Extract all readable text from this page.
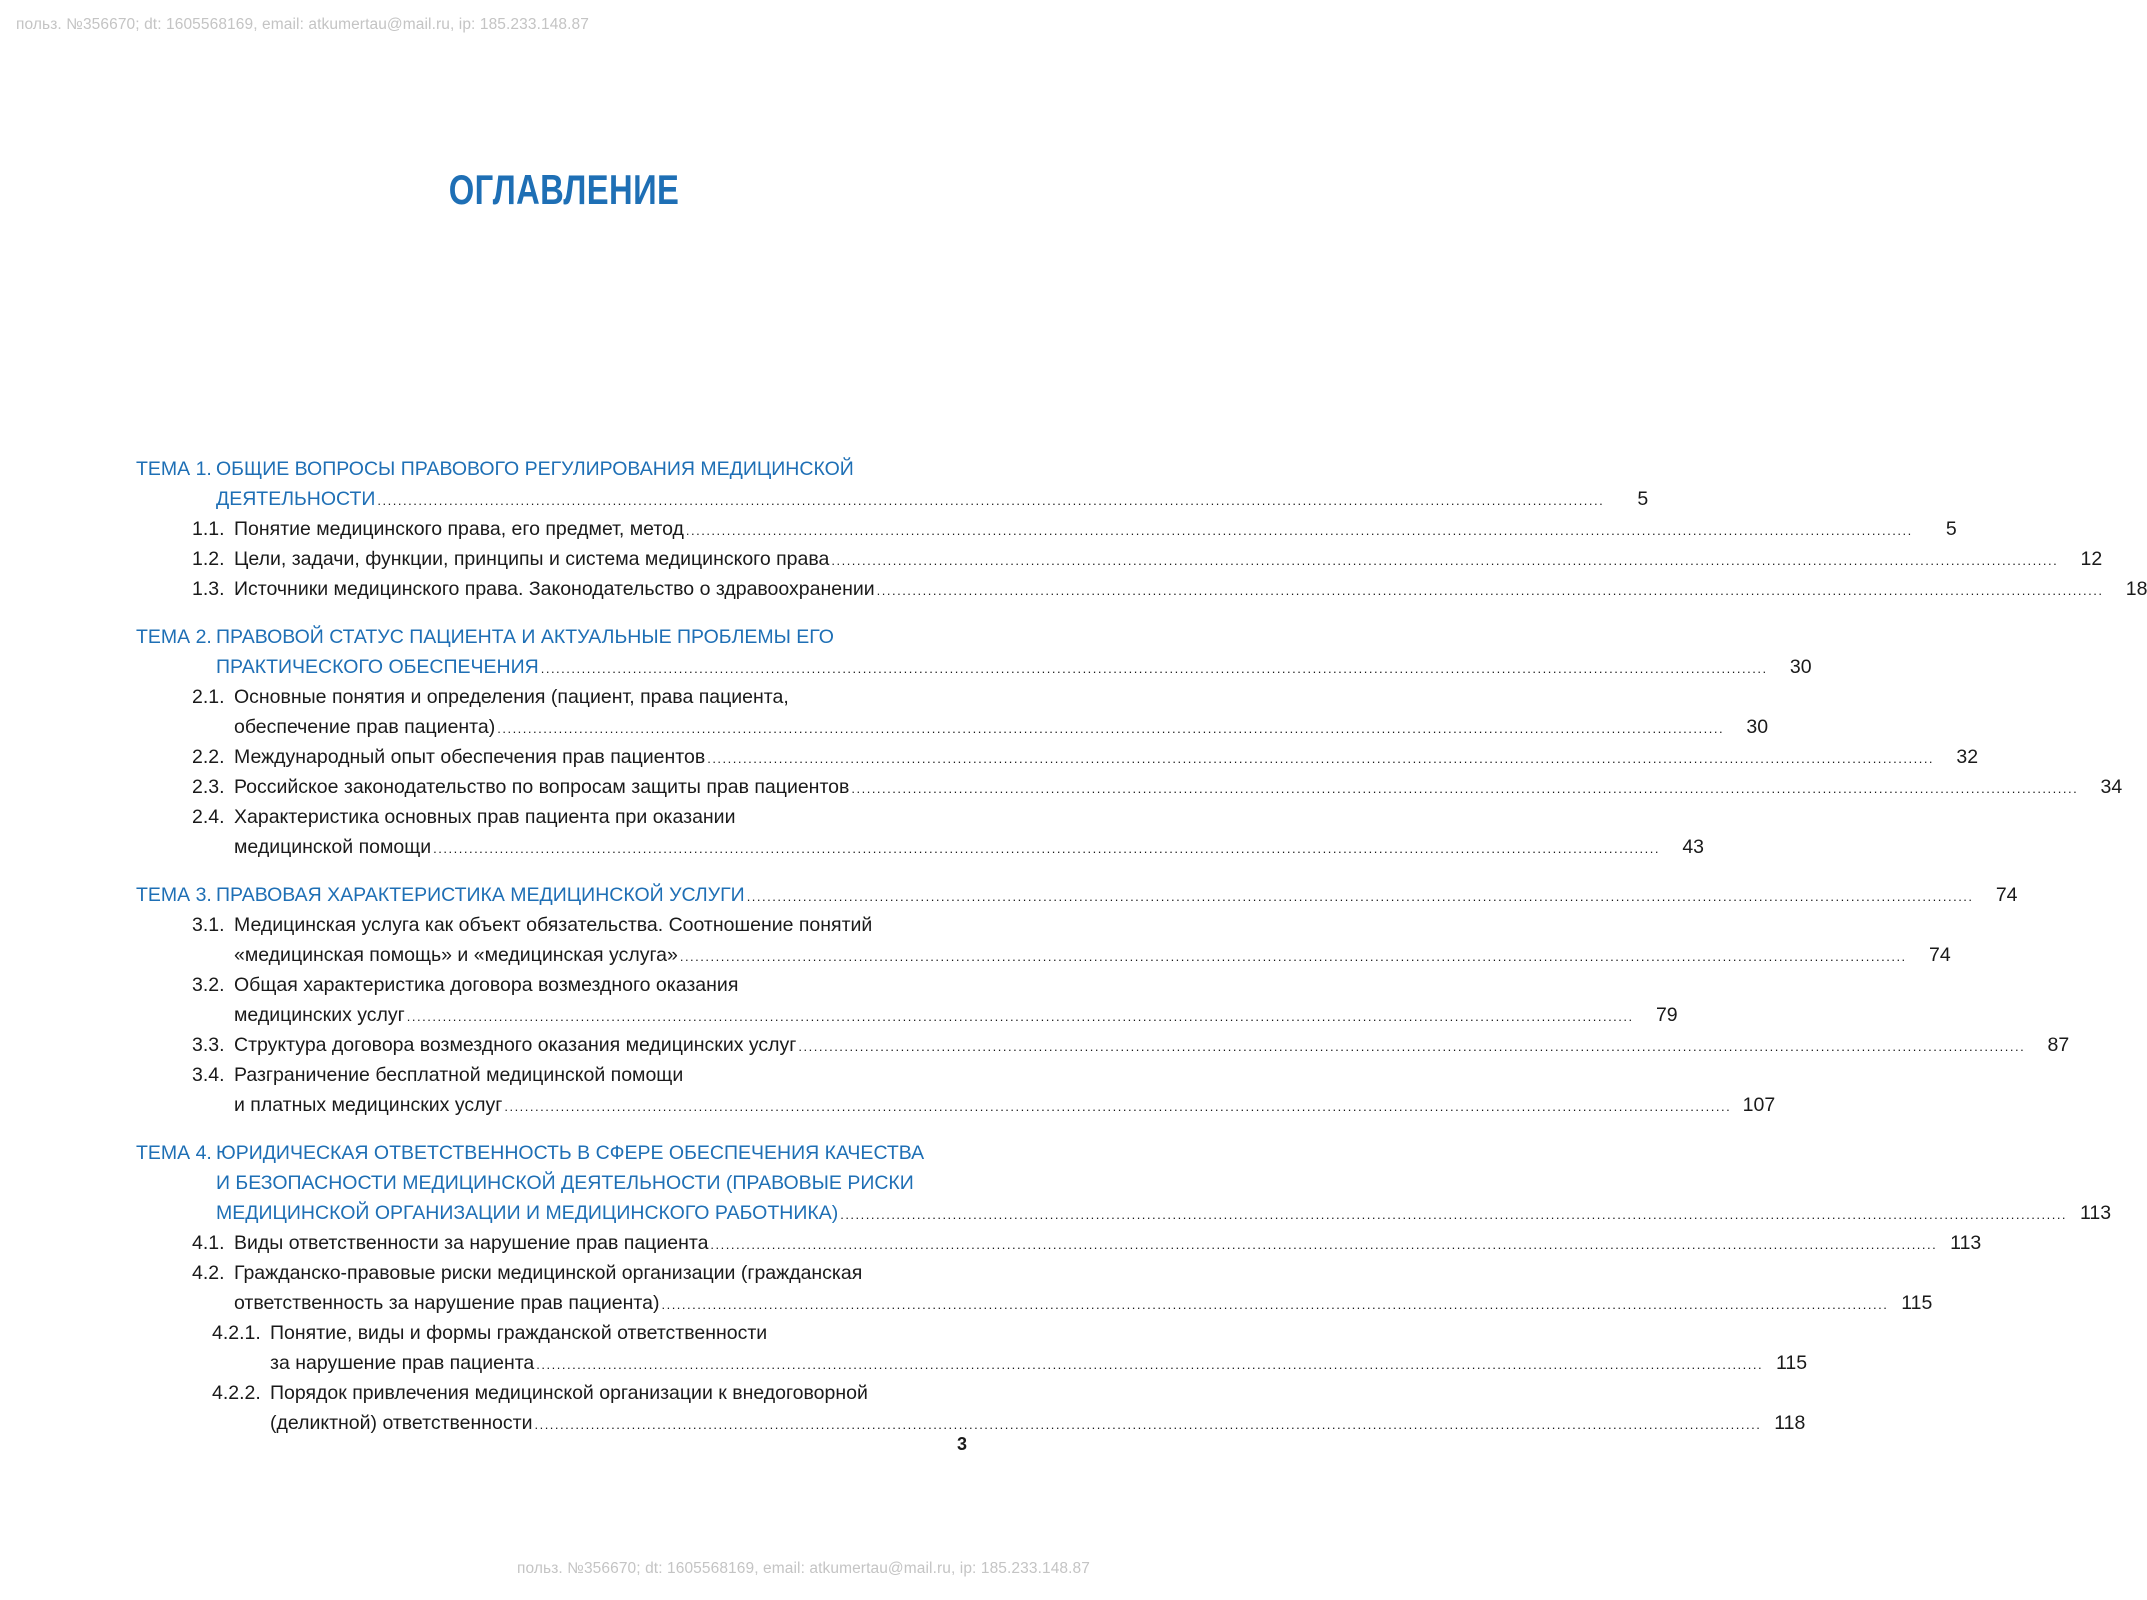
польз. №356670; dt: 1605568169, email: atkumertau@mail.ru, ip: 185.233.148.87
ОГЛАВЛЕНИЕ
ТЕМА 1. ОБЩИЕ ВОПРОСЫ ПРАВОВОГО РЕГУЛИРОВАНИЯ МЕДИЦИНСКОЙ
ДЕЯТЕЛЬНОСТИ .....	5
1.1. Понятие медицинского права, его предмет, метод .....	5
1.2. Цели, задачи, функции, принципы и система медицинского права .....	12
1.3. Источники медицинского права. Законодательство о здравоохранении .....	18
ТЕМА 2. ПРАВОВОЙ СТАТУС ПАЦИЕНТА И АКТУАЛЬНЫЕ ПРОБЛЕМЫ ЕГО
ПРАКТИЧЕСКОГО ОБЕСПЕЧЕНИЯ .....	30
2.1. Основные понятия и определения (пациент, права пациента,
обеспечение прав пациента) .....	30
2.2. Международный опыт обеспечения прав пациентов .....	32
2.3. Российское законодательство по вопросам защиты прав пациентов .....	34
2.4. Характеристика основных прав пациента при оказании
медицинской помощи .....	43
ТЕМА 3. ПРАВОВАЯ ХАРАКТЕРИСТИКА МЕДИЦИНСКОЙ УСЛУГИ .....	74
3.1. Медицинская услуга как объект обязательства. Соотношение понятий
«медицинская помощь» и «медицинская услуга» .....	74
3.2. Общая характеристика договора возмездного оказания
медицинских услуг .....	79
3.3. Структура договора возмездного оказания медицинских услуг .....	87
3.4. Разграничение бесплатной медицинской помощи
и платных медицинских услуг .....	107
ТЕМА 4. ЮРИДИЧЕСКАЯ ОТВЕТСТВЕННОСТЬ В СФЕРЕ ОБЕСПЕЧЕНИЯ КАЧЕСТВА
И БЕЗОПАСНОСТИ МЕДИЦИНСКОЙ ДЕЯТЕЛЬНОСТИ (ПРАВОВЫЕ РИСКИ
МЕДИЦИНСКОЙ ОРГАНИЗАЦИИ И МЕДИЦИНСКОГО РАБОТНИКА) .....	113
4.1. Виды ответственности за нарушение прав пациента .....	113
4.2. Гражданско-правовые риски медицинской организации (гражданская
ответственность за нарушение прав пациента) .....	115
4.2.1. Понятие, виды и формы гражданской ответственности
за нарушение прав пациента .....	115
4.2.2. Порядок привлечения медицинской организации к внедоговорной
(деликтной) ответственности .....	118
3
польз. №356670; dt: 1605568169, email: atkumertau@mail.ru, ip: 185.233.148.87
